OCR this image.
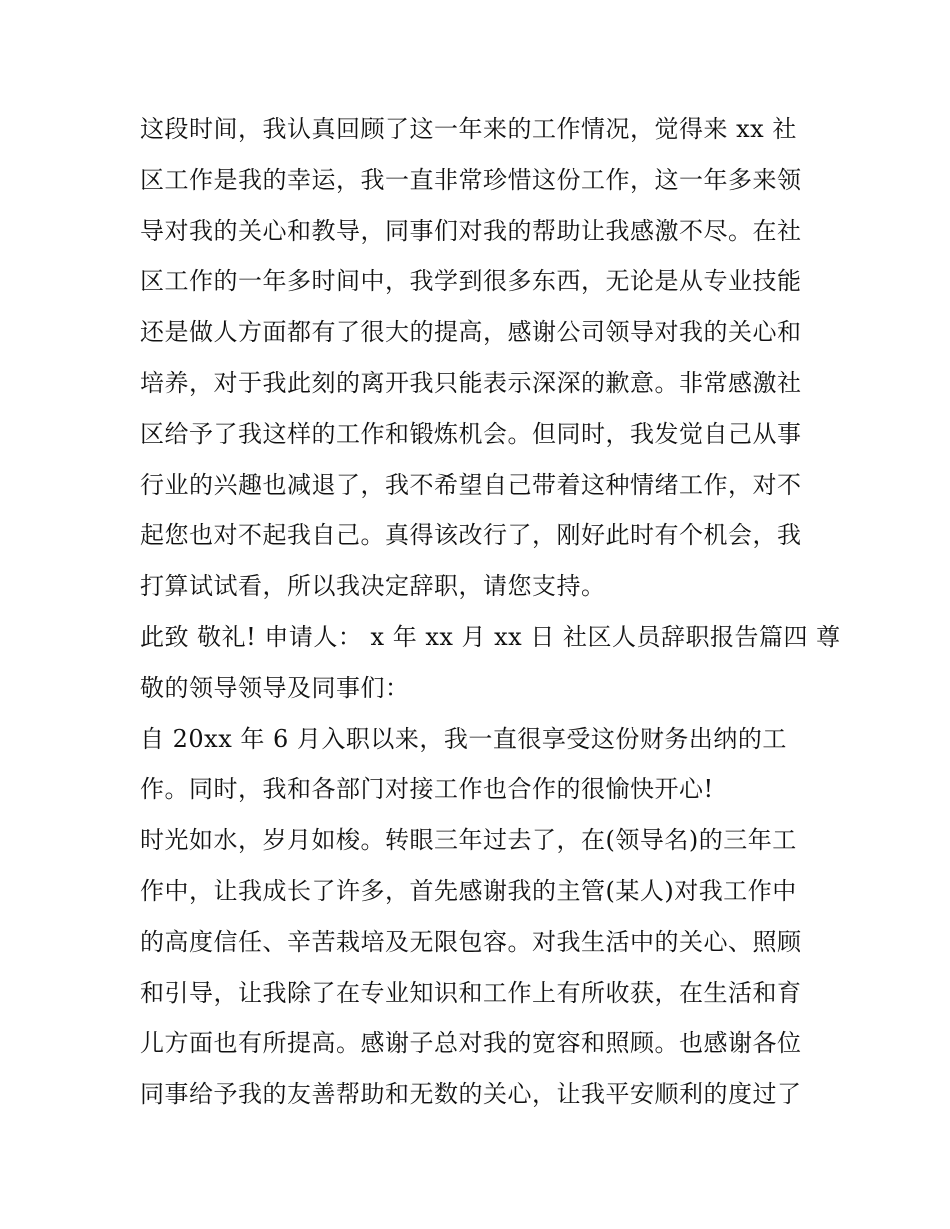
这段时间，我认真回顾了这一年来的工作情况，觉得来 xx 社
区工作是我的幸运，我一直非常珍惜这份工作，这一年多来领
导对我的关心和教导，同事们对我的帮助让我感激不尽。在社
区工作的一年多时间中，我学到很多东西，无论是从专业技能
还是做人方面都有了很大的提高，感谢公司领导对我的关心和
培养，对于我此刻的离开我只能表示深深的歉意。非常感激社
区给予了我这样的工作和锻炼机会。但同时，我发觉自己从事
行业的兴趣也减退了，我不希望自己带着这种情绪工作，对不
起您也对不起我自己。真得该改行了，刚好此时有个机会，我
打算试试看，所以我决定辞职，请您支持。
此致 敬礼! 申请人： x 年 xx 月 xx 日 社区人员辞职报告篇四 尊
敬的领导领导及同事们：
自 20xx 年 6 月入职以来，我一直很享受这份财务出纳的工
作。同时，我和各部门对接工作也合作的很愉快开心!
时光如水，岁月如梭。转眼三年过去了，在(领导名)的三年工
作中，让我成长了许多，首先感谢我的主管(某人)对我工作中
的高度信任、辛苦栽培及无限包容。对我生活中的关心、照顾
和引导，让我除了在专业知识和工作上有所收获，在生活和育
儿方面也有所提高。感谢子总对我的宽容和照顾。也感谢各位
同事给予我的友善帮助和无数的关心，让我平安顺利的度过了
